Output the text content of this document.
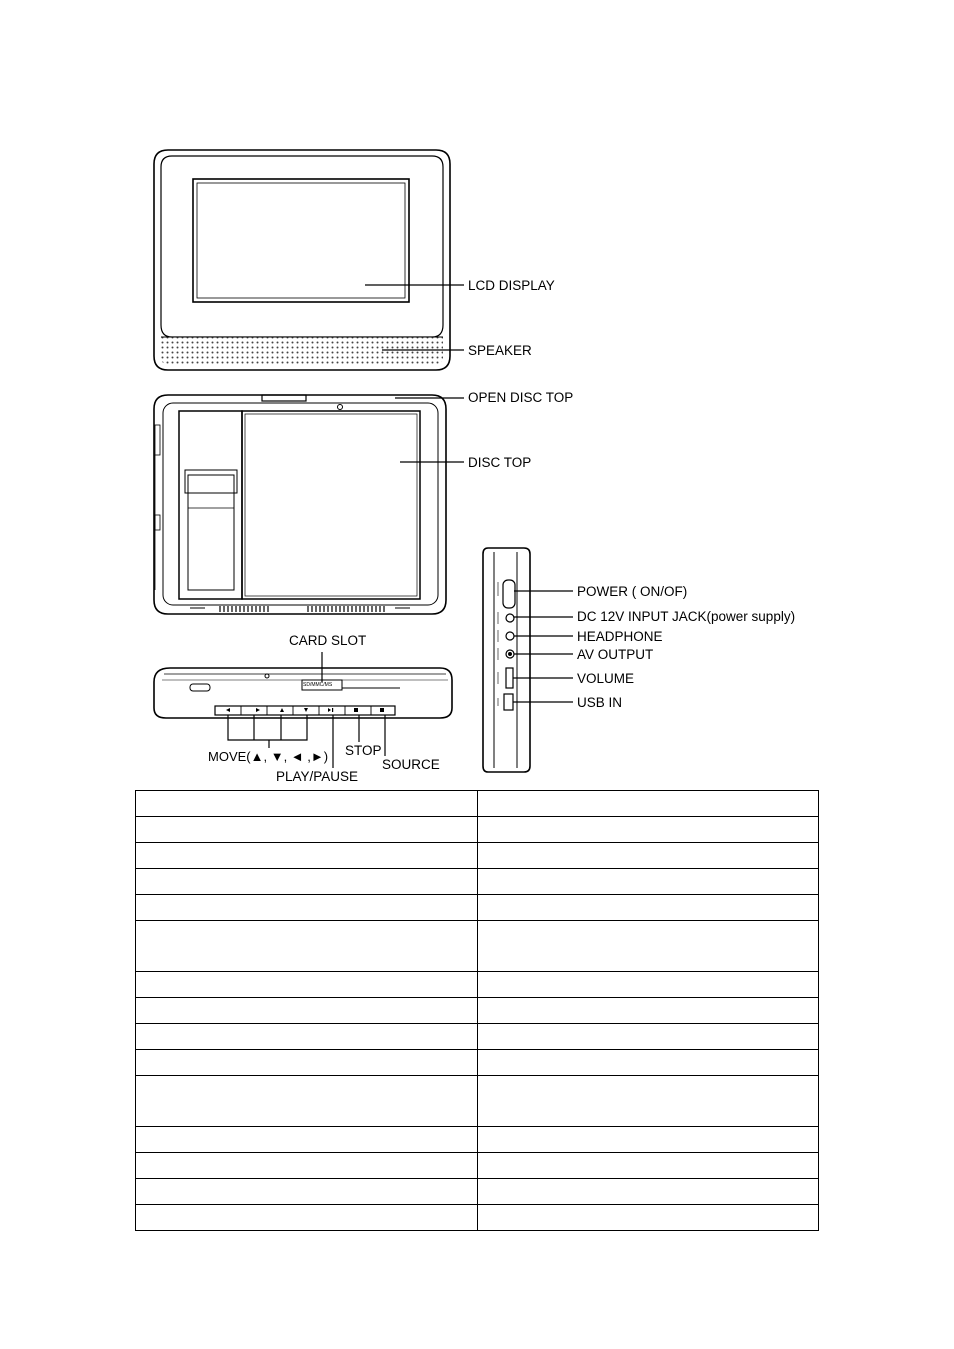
LCD DISPLAY
SPEAKER
OPEN DISC TOP
DISC TOP
CARD SLOT
SD/MMC/MS
MOVE(▲, ▼, ◄ ,►)
PLAY/PAUSE
STOP
SOURCE
POWER ( ON/OF)
DC 12V INPUT JACK(power supply)
HEADPHONE
AV OUTPUT
VOLUME
USB IN
